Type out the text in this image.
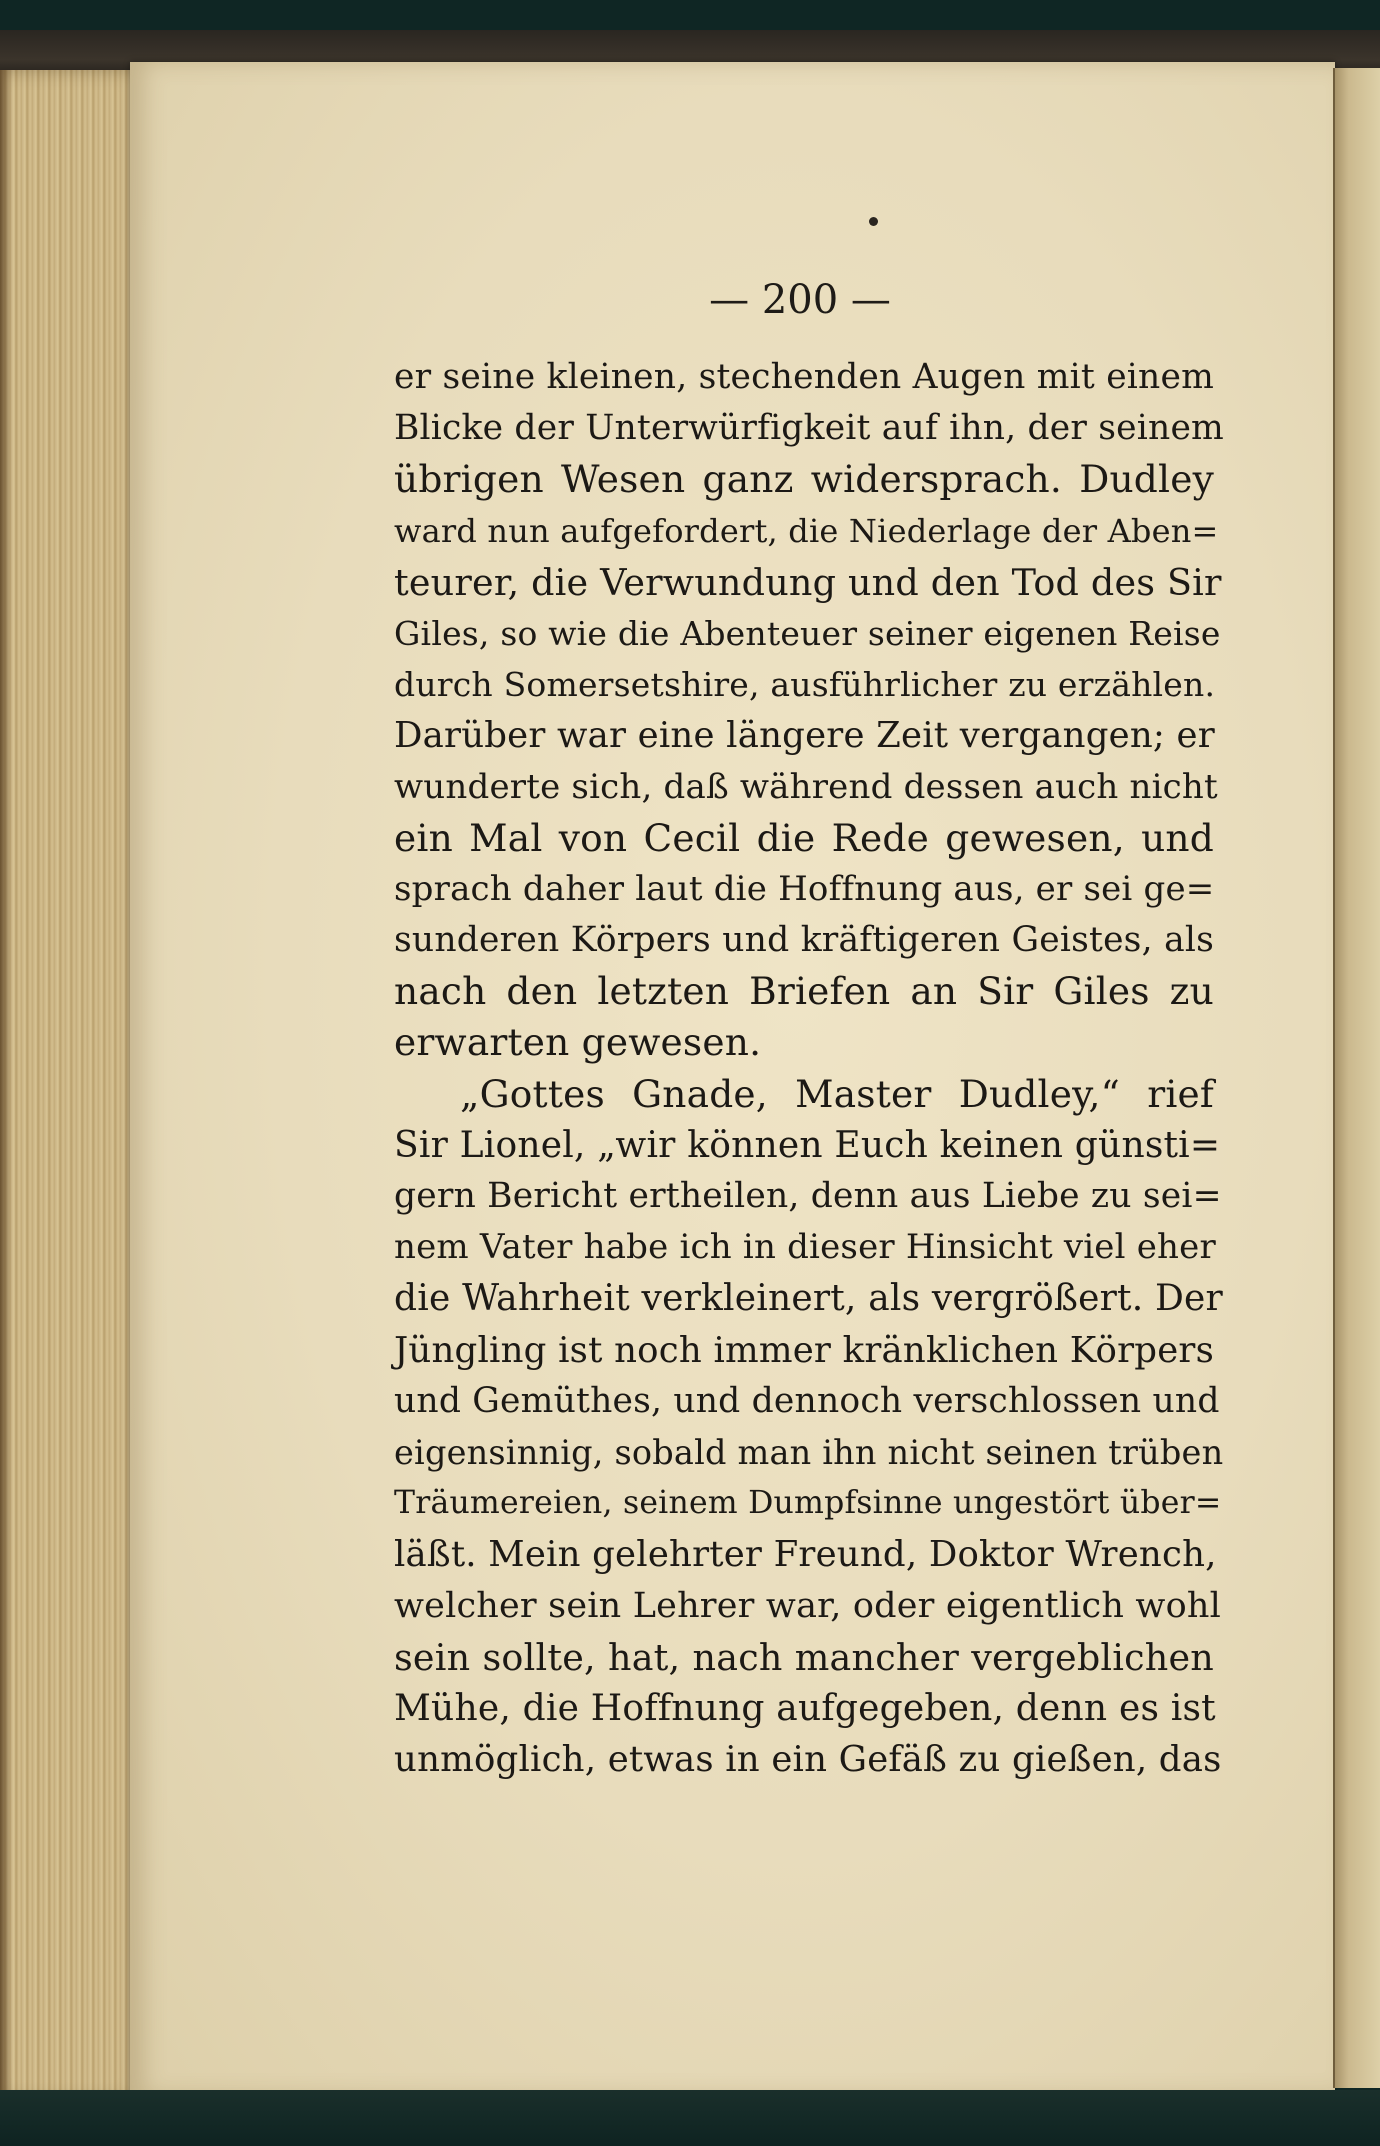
— 200 —
er seine kleinen, stechenden Augen mit einem
Blicke der Unterwürfigkeit auf ihn, der seinem
übrigen Wesen ganz widersprach. Dudley
ward nun aufgefordert, die Niederlage der Aben=
teurer, die Verwundung und den Tod des Sir
Giles, so wie die Abenteuer seiner eigenen Reise
durch Somersetshire, ausführlicher zu erzählen.
Darüber war eine längere Zeit vergangen; er
wunderte sich, daß während dessen auch nicht
ein Mal von Cecil die Rede gewesen, und
sprach daher laut die Hoffnung aus, er sei ge=
sunderen Körpers und kräftigeren Geistes, als
nach den letzten Briefen an Sir Giles zu
erwarten gewesen.
„Gottes Gnade, Master Dudley,“ rief
Sir Lionel, „wir können Euch keinen günsti=
gern Bericht ertheilen, denn aus Liebe zu sei=
nem Vater habe ich in dieser Hinsicht viel eher
die Wahrheit verkleinert, als vergrößert. Der
Jüngling ist noch immer kränklichen Körpers
und Gemüthes, und dennoch verschlossen und
eigensinnig, sobald man ihn nicht seinen trüben
Träumereien, seinem Dumpfsinne ungestört über=
läßt. Mein gelehrter Freund, Doktor Wrench,
welcher sein Lehrer war, oder eigentlich wohl
sein sollte, hat, nach mancher vergeblichen
Mühe, die Hoffnung aufgegeben, denn es ist
unmöglich, etwas in ein Gefäß zu gießen, das
